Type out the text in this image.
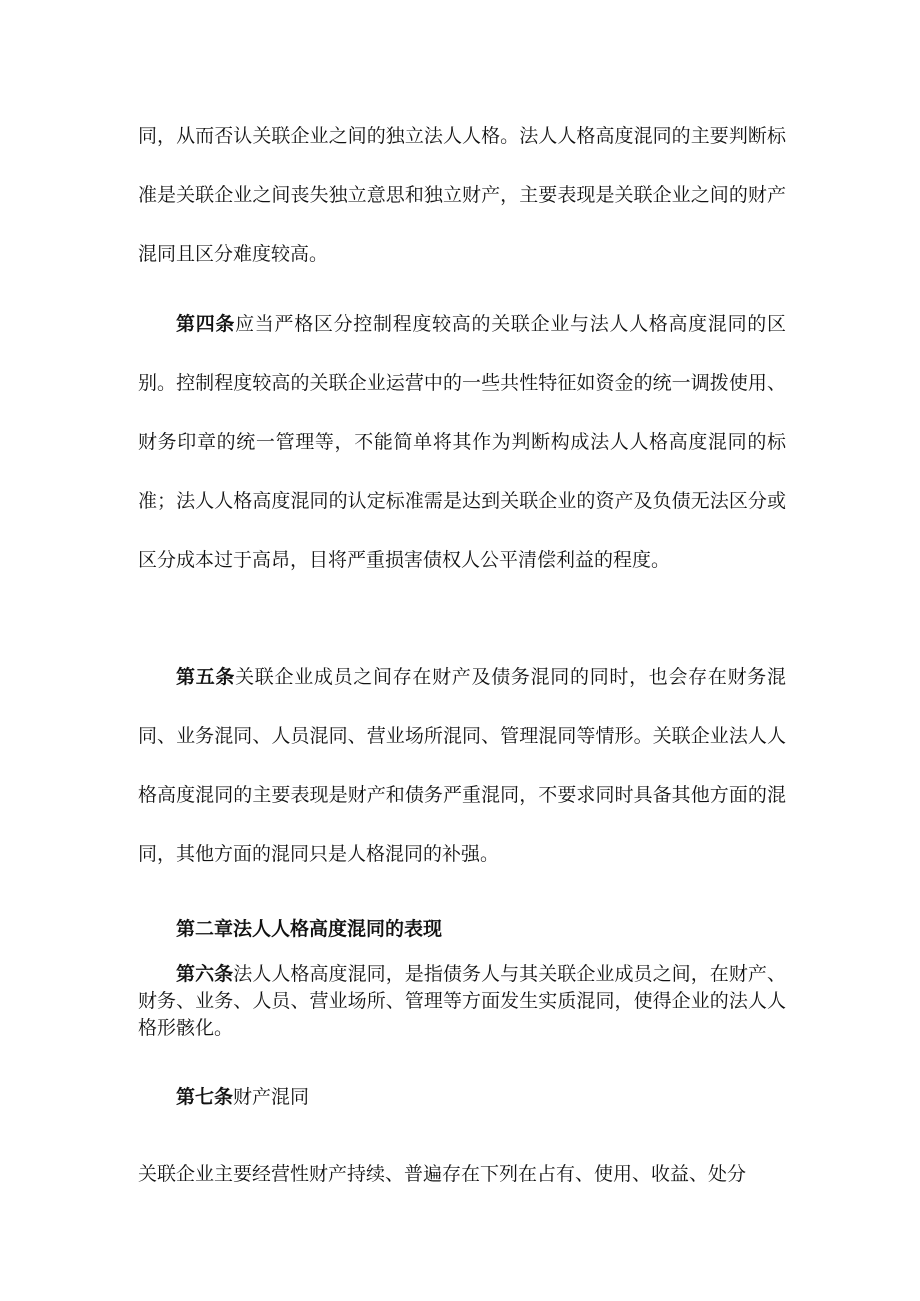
同，从而否认关联企业之间的独立法人人格。法人人格高度混同的主要判断标准是关联企业之间丧失独立意思和独立财产，主要表现是关联企业之间的财产混同且区分难度较高。

第四条应当严格区分控制程度较高的关联企业与法人人格高度混同的区别。控制程度较高的关联企业运营中的一些共性特征如资金的统一调拨使用、财务印章的统一管理等，不能简单将其作为判断构成法人人格高度混同的标准；法人人格高度混同的认定标准需是达到关联企业的资产及负债无法区分或区分成本过于高昂，目将严重损害债权人公平清偿利益的程度。

第五条关联企业成员之间存在财产及债务混同的同时，也会存在财务混同、业务混同、人员混同、营业场所混同、管理混同等情形。关联企业法人人格高度混同的主要表现是财产和债务严重混同，不要求同时具备其他方面的混同，其他方面的混同只是人格混同的补强。

第二章法人人格高度混同的表现

第六条法人人格高度混同，是指债务人与其关联企业成员之间，在财产、财务、业务、人员、营业场所、管理等方面发生实质混同，使得企业的法人人格形骸化。

第七条财产混同

关联企业主要经营性财产持续、普遍存在下列在占有、使用、收益、处分
